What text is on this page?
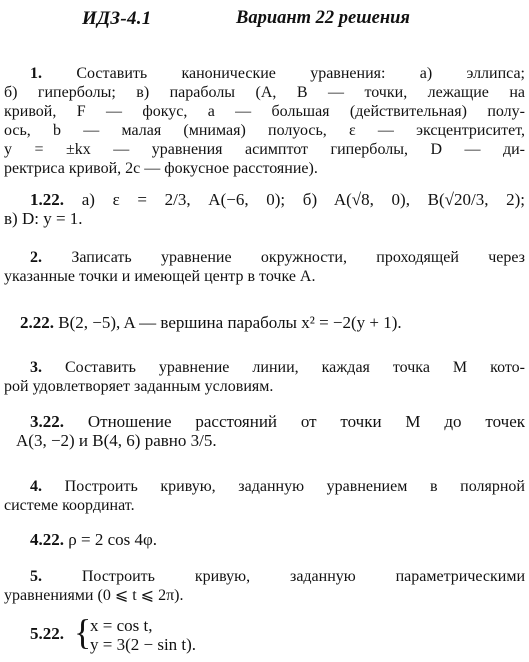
ИДЗ-4.1	Вариант 22 решения
1. Составить канонические уравнения: а) эллипса;
б) гиперболы; в) параболы (A, B — точки, лежащие на
кривой, F — фокус, a — большая (действительная) полу-
ось, b — малая (мнимая) полуось, ε — эксцентриситет,
y = ±kx — уравнения асимптот гиперболы, D — ди-
ректриса кривой, 2c — фокусное расстояние).
1.22. а) ε = 2/3, A(−6, 0); б) A(√8, 0), B(√20/3, 2);
в) D: y = 1.
2. Записать уравнение окружности, проходящей через
указанные точки и имеющей центр в точке A.
2.22. B(2, −5), A — вершина параболы x² = −2(y + 1).
3. Составить уравнение линии, каждая точка M кото-
рой удовлетворяет заданным условиям.
3.22. Отношение расстояний от точки M до точек
A(3, −2) и B(4, 6) равно 3/5.
4. Построить кривую, заданную уравнением в полярной
системе координат.
4.22. ρ = 2 cos 4φ.
5. Построить кривую, заданную параметрическими
уравнениями (0 ⩽ t ⩽ 2π).
5.22. {
x = cos t,
y = 3(2 − sin t).
